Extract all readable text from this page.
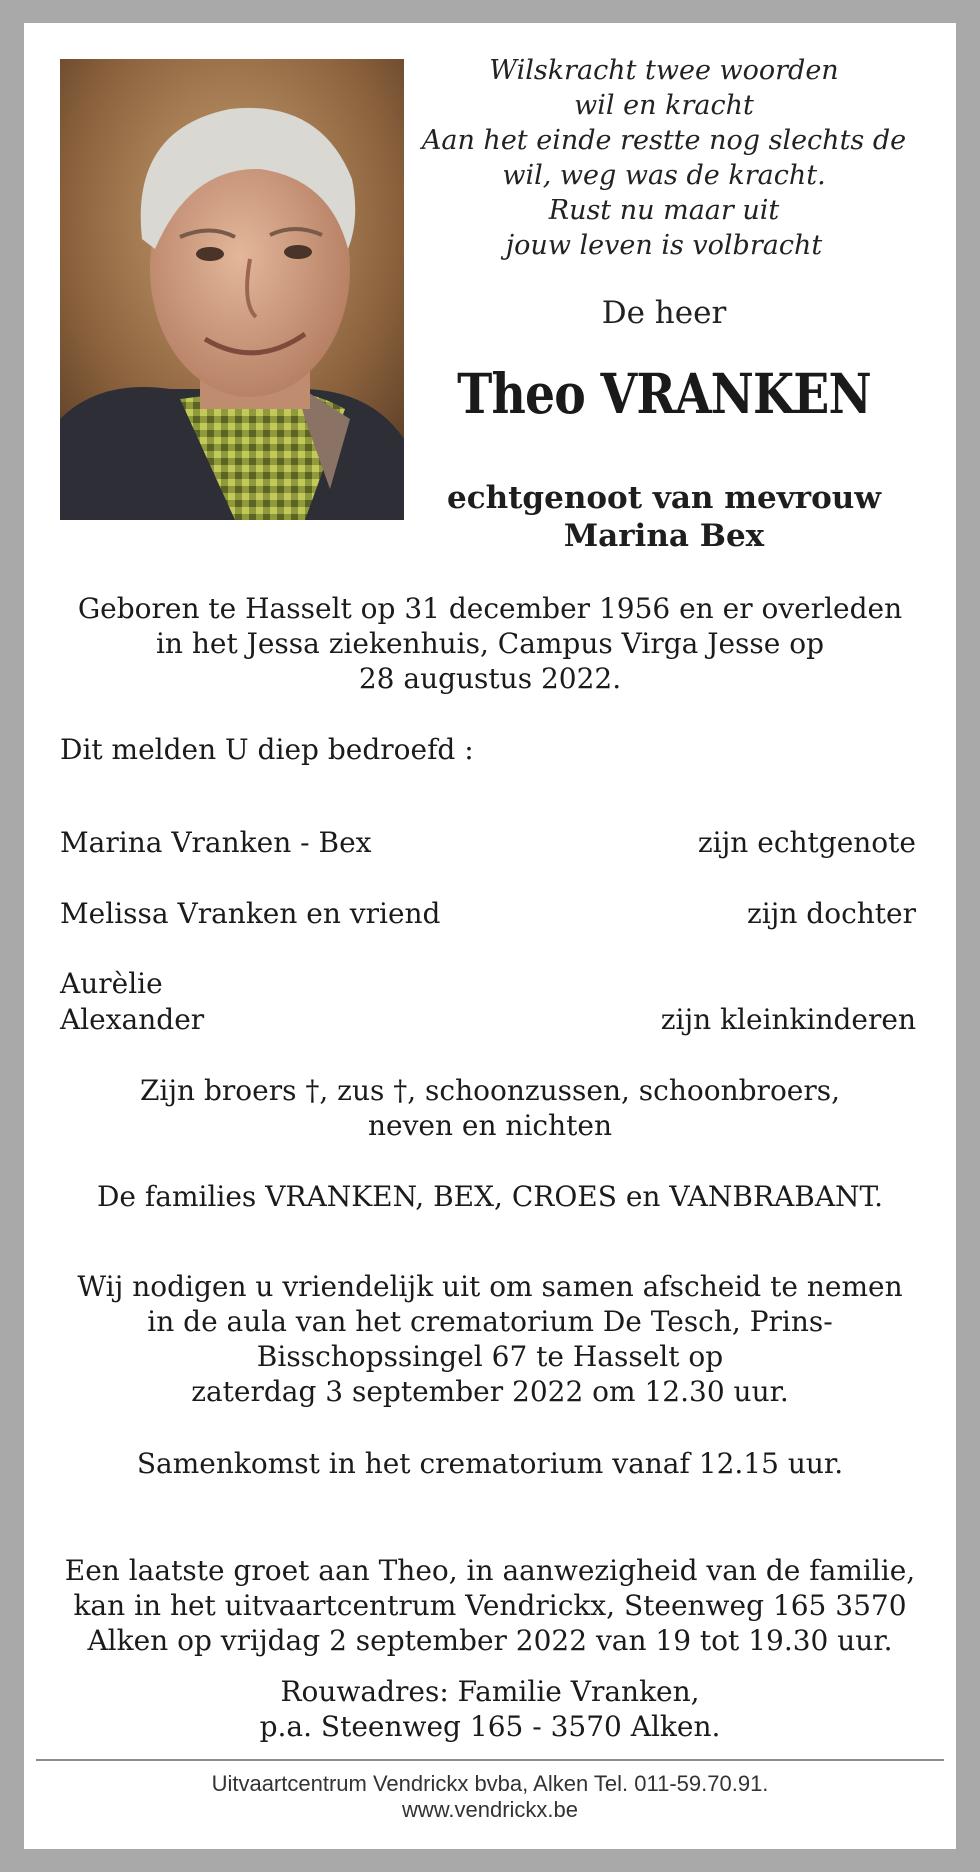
Wilskracht twee woorden
wil en kracht
Aan het einde restte nog slechts de
wil, weg was de kracht.
Rust nu maar uit
jouw leven is volbracht
De heer
Theo VRANKEN
echtgenoot van mevrouw
Marina Bex
Geboren te Hasselt op 31 december 1956 en er overleden
in het Jessa ziekenhuis, Campus Virga Jesse op
28 augustus 2022.
Dit melden U diep bedroefd :
Marina Vranken - Bex	zijn echtgenote
Melissa Vranken en vriend	zijn dochter
Aurèlie
Alexander	zijn kleinkinderen
Zijn broers †, zus †, schoonzussen, schoonbroers,
neven en nichten
De families VRANKEN, BEX, CROES en VANBRABANT.
Wij nodigen u vriendelijk uit om samen afscheid te nemen
in de aula van het crematorium De Tesch, Prins-
Bisschopssingel 67 te Hasselt op
zaterdag 3 september 2022 om 12.30 uur.
Samenkomst in het crematorium vanaf 12.15 uur.
Een laatste groet aan Theo, in aanwezigheid van de familie,
kan in het uitvaartcentrum Vendrickx, Steenweg 165 3570
Alken op vrijdag 2 september 2022 van 19 tot 19.30 uur.
Rouwadres: Familie Vranken,
p.a. Steenweg 165 - 3570 Alken.
Uitvaartcentrum Vendrickx bvba, Alken Tel. 011-59.70.91.
www.vendrickx.be
